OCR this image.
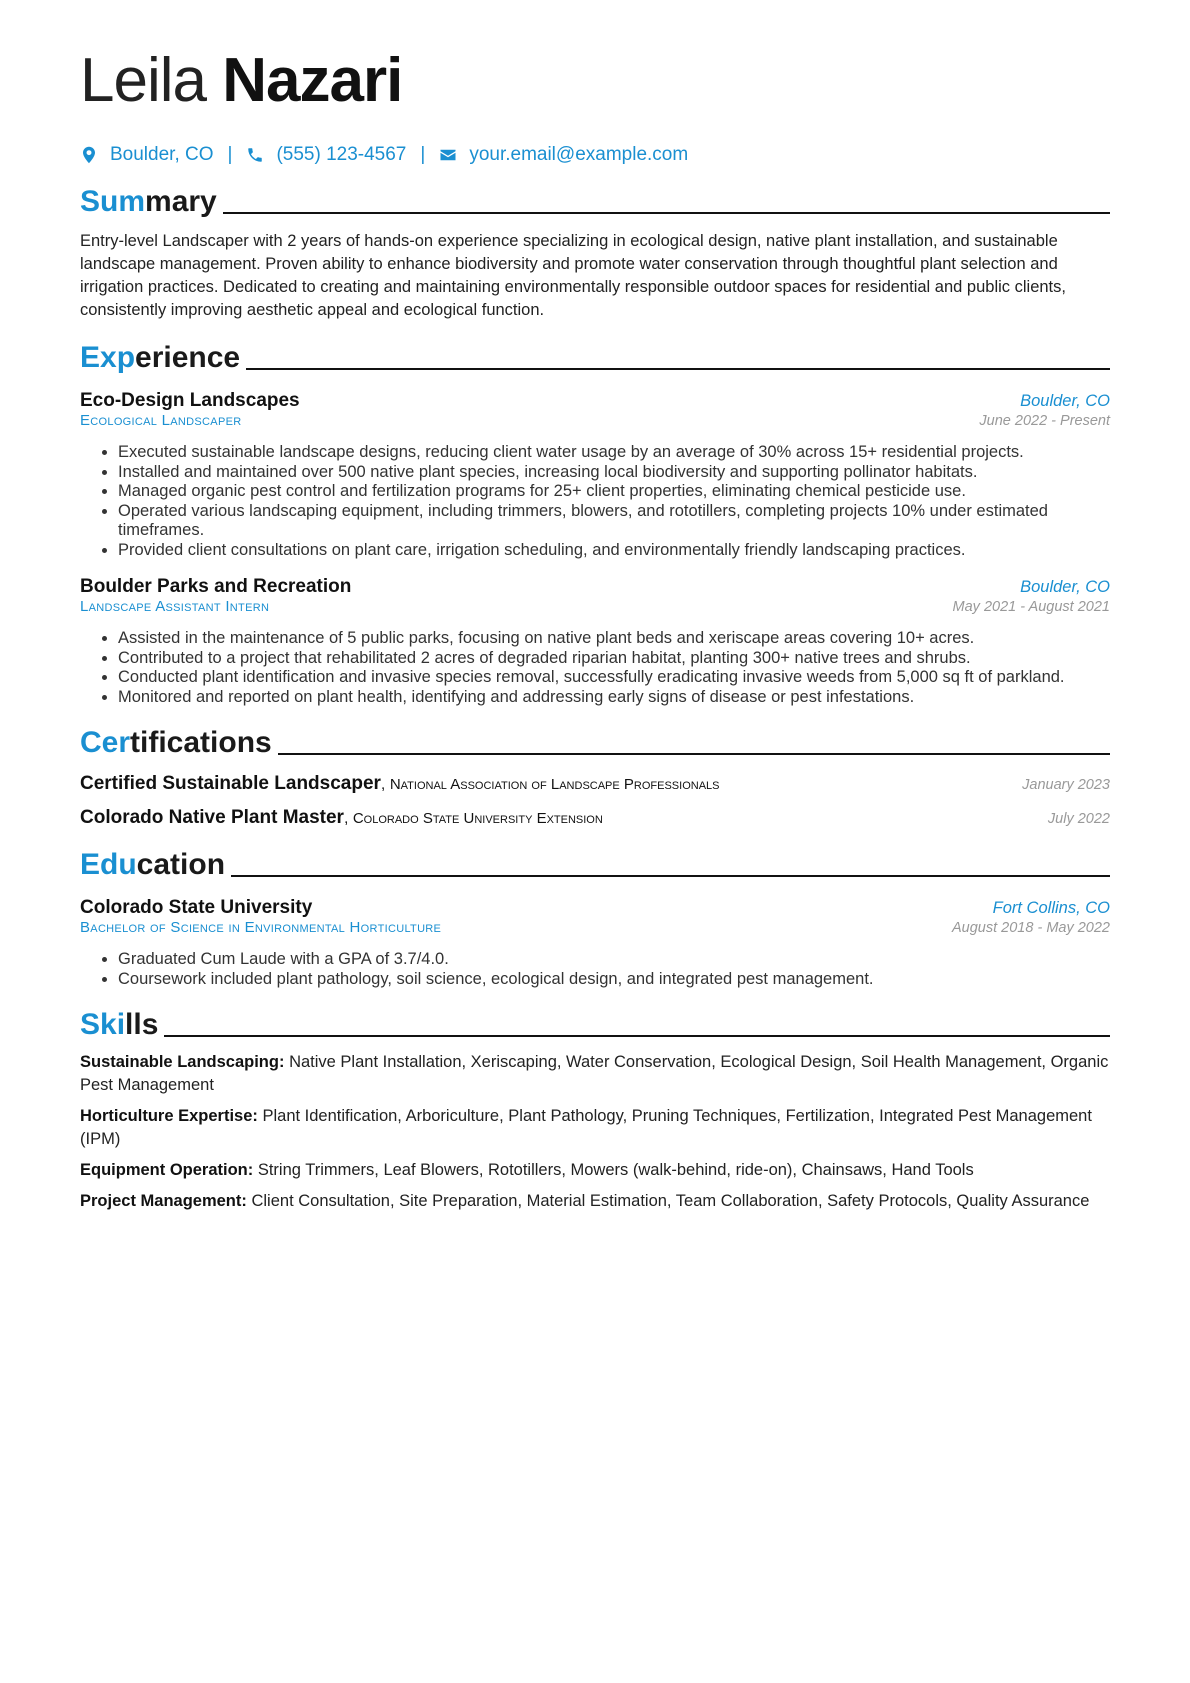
Leila Nazari
Boulder, CO | (555) 123-4567 | your.email@example.com
Summary
Entry-level Landscaper with 2 years of hands-on experience specializing in ecological design, native plant installation, and sustainable landscape management. Proven ability to enhance biodiversity and promote water conservation through thoughtful plant selection and irrigation practices. Dedicated to creating and maintaining environmentally responsible outdoor spaces for residential and public clients, consistently improving aesthetic appeal and ecological function.
Experience
Eco-Design Landscapes	Boulder, CO
Ecological Landscaper	June 2022 - Present
• Executed sustainable landscape designs, reducing client water usage by an average of 30% across 15+ residential projects.
• Installed and maintained over 500 native plant species, increasing local biodiversity and supporting pollinator habitats.
• Managed organic pest control and fertilization programs for 25+ client properties, eliminating chemical pesticide use.
• Operated various landscaping equipment, including trimmers, blowers, and rototillers, completing projects 10% under estimated timeframes.
• Provided client consultations on plant care, irrigation scheduling, and environmentally friendly landscaping practices.
Boulder Parks and Recreation	Boulder, CO
Landscape Assistant Intern	May 2021 - August 2021
• Assisted in the maintenance of 5 public parks, focusing on native plant beds and xeriscape areas covering 10+ acres.
• Contributed to a project that rehabilitated 2 acres of degraded riparian habitat, planting 300+ native trees and shrubs.
• Conducted plant identification and invasive species removal, successfully eradicating invasive weeds from 5,000 sq ft of parkland.
• Monitored and reported on plant health, identifying and addressing early signs of disease or pest infestations.
Certifications
Certified Sustainable Landscaper, National Association of Landscape Professionals	January 2023
Colorado Native Plant Master, Colorado State University Extension	July 2022
Education
Colorado State University	Fort Collins, CO
Bachelor of Science in Environmental Horticulture	August 2018 - May 2022
• Graduated Cum Laude with a GPA of 3.7/4.0.
• Coursework included plant pathology, soil science, ecological design, and integrated pest management.
Skills
Sustainable Landscaping: Native Plant Installation, Xeriscaping, Water Conservation, Ecological Design, Soil Health Management, Organic Pest Management
Horticulture Expertise: Plant Identification, Arboriculture, Plant Pathology, Pruning Techniques, Fertilization, Integrated Pest Management (IPM)
Equipment Operation: String Trimmers, Leaf Blowers, Rototillers, Mowers (walk-behind, ride-on), Chainsaws, Hand Tools
Project Management: Client Consultation, Site Preparation, Material Estimation, Team Collaboration, Safety Protocols, Quality Assurance
